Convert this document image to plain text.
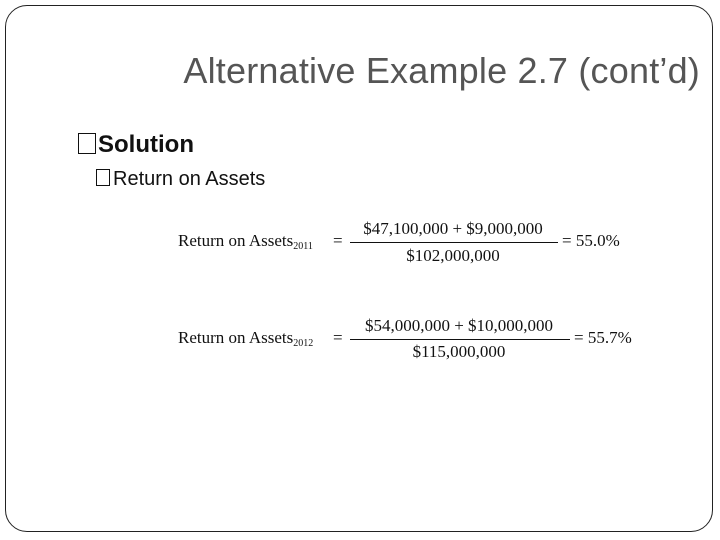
Alternative Example 2.7 (cont’d)
Solution
Return on Assets
Return on Assets$_{2011}$ =
$47,100,000 + $9,000,000
$102,000,000
= 55.0%
Return on Assets$_{2012}$ =
$54,000,000 + $10,000,000
$115,000,000
= 55.7%
